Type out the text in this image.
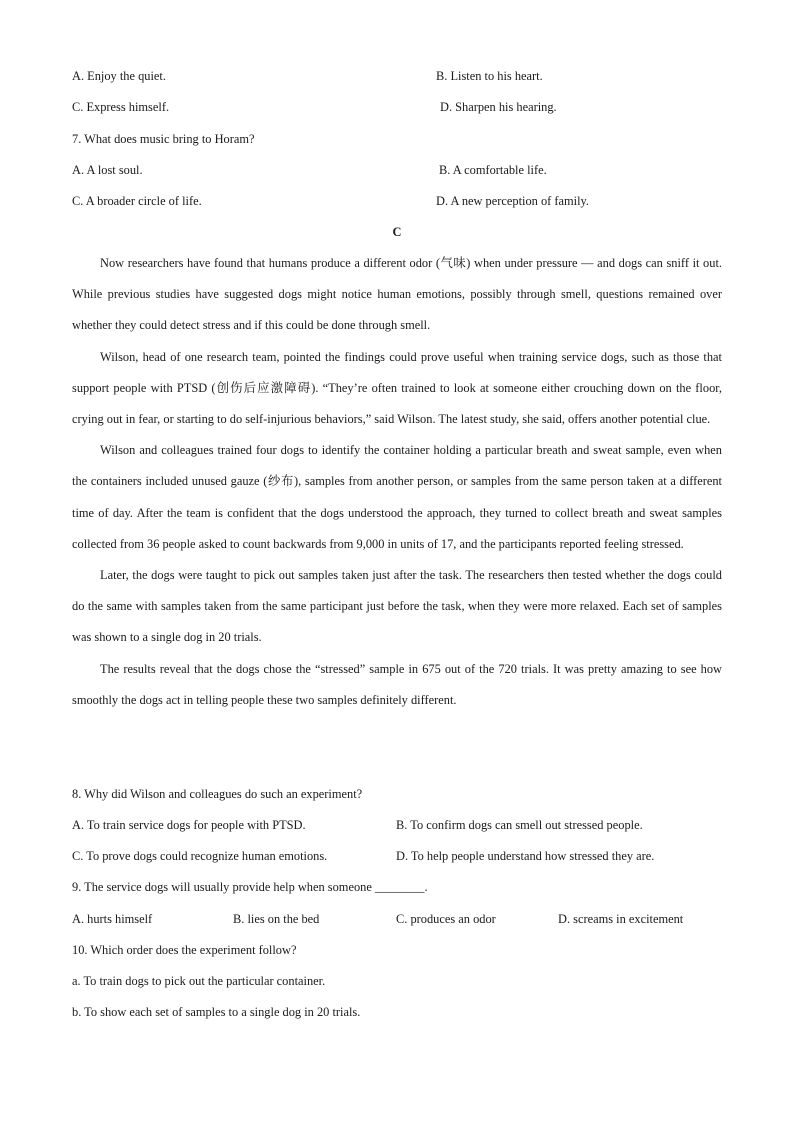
A. Enjoy the quiet.	B. Listen to his heart.
C. Express himself.	D. Sharpen his hearing.
7. What does music bring to Horam?
A. A lost soul.	B. A comfortable life.
C. A broader circle of life.	D. A new perception of family.
C

Now researchers have found that humans produce a different odor (气味) when under pressure — and dogs can sniff it out. While previous studies have suggested dogs might notice human emotions, possibly through smell, questions remained over whether they could detect stress and if this could be done through smell.

Wilson, head of one research team, pointed the findings could prove useful when training service dogs, such as those that support people with PTSD (创伤后应激障碍). “They’re often trained to look at someone either crouching down on the floor, crying out in fear, or starting to do self-injurious behaviors,” said Wilson. The latest study, she said, offers another potential clue.

Wilson and colleagues trained four dogs to identify the container holding a particular breath and sweat sample, even when the containers included unused gauze (纱布), samples from another person, or samples from the same person taken at a different time of day. After the team is confident that the dogs understood the approach, they turned to collect breath and sweat samples collected from 36 people asked to count backwards from 9,000 in units of 17, and the participants reported feeling stressed.

Later, the dogs were taught to pick out samples taken just after the task. The researchers then tested whether the dogs could do the same with samples taken from the same participant just before the task, when they were more relaxed. Each set of samples was shown to a single dog in 20 trials.

The results reveal that the dogs chose the “stressed” sample in 675 out of the 720 trials. It was pretty amazing to see how smoothly the dogs act in telling people these two samples definitely different.

8. Why did Wilson and colleagues do such an experiment?
A. To train service dogs for people with PTSD.	B. To confirm dogs can smell out stressed people.
C. To prove dogs could recognize human emotions.	D. To help people understand how stressed they are.
9. The service dogs will usually provide help when someone ________.
A. hurts himself	B. lies on the bed	C. produces an odor	D. screams in excitement
10. Which order does the experiment follow?
a. To train dogs to pick out the particular container.
b. To show each set of samples to a single dog in 20 trials.
